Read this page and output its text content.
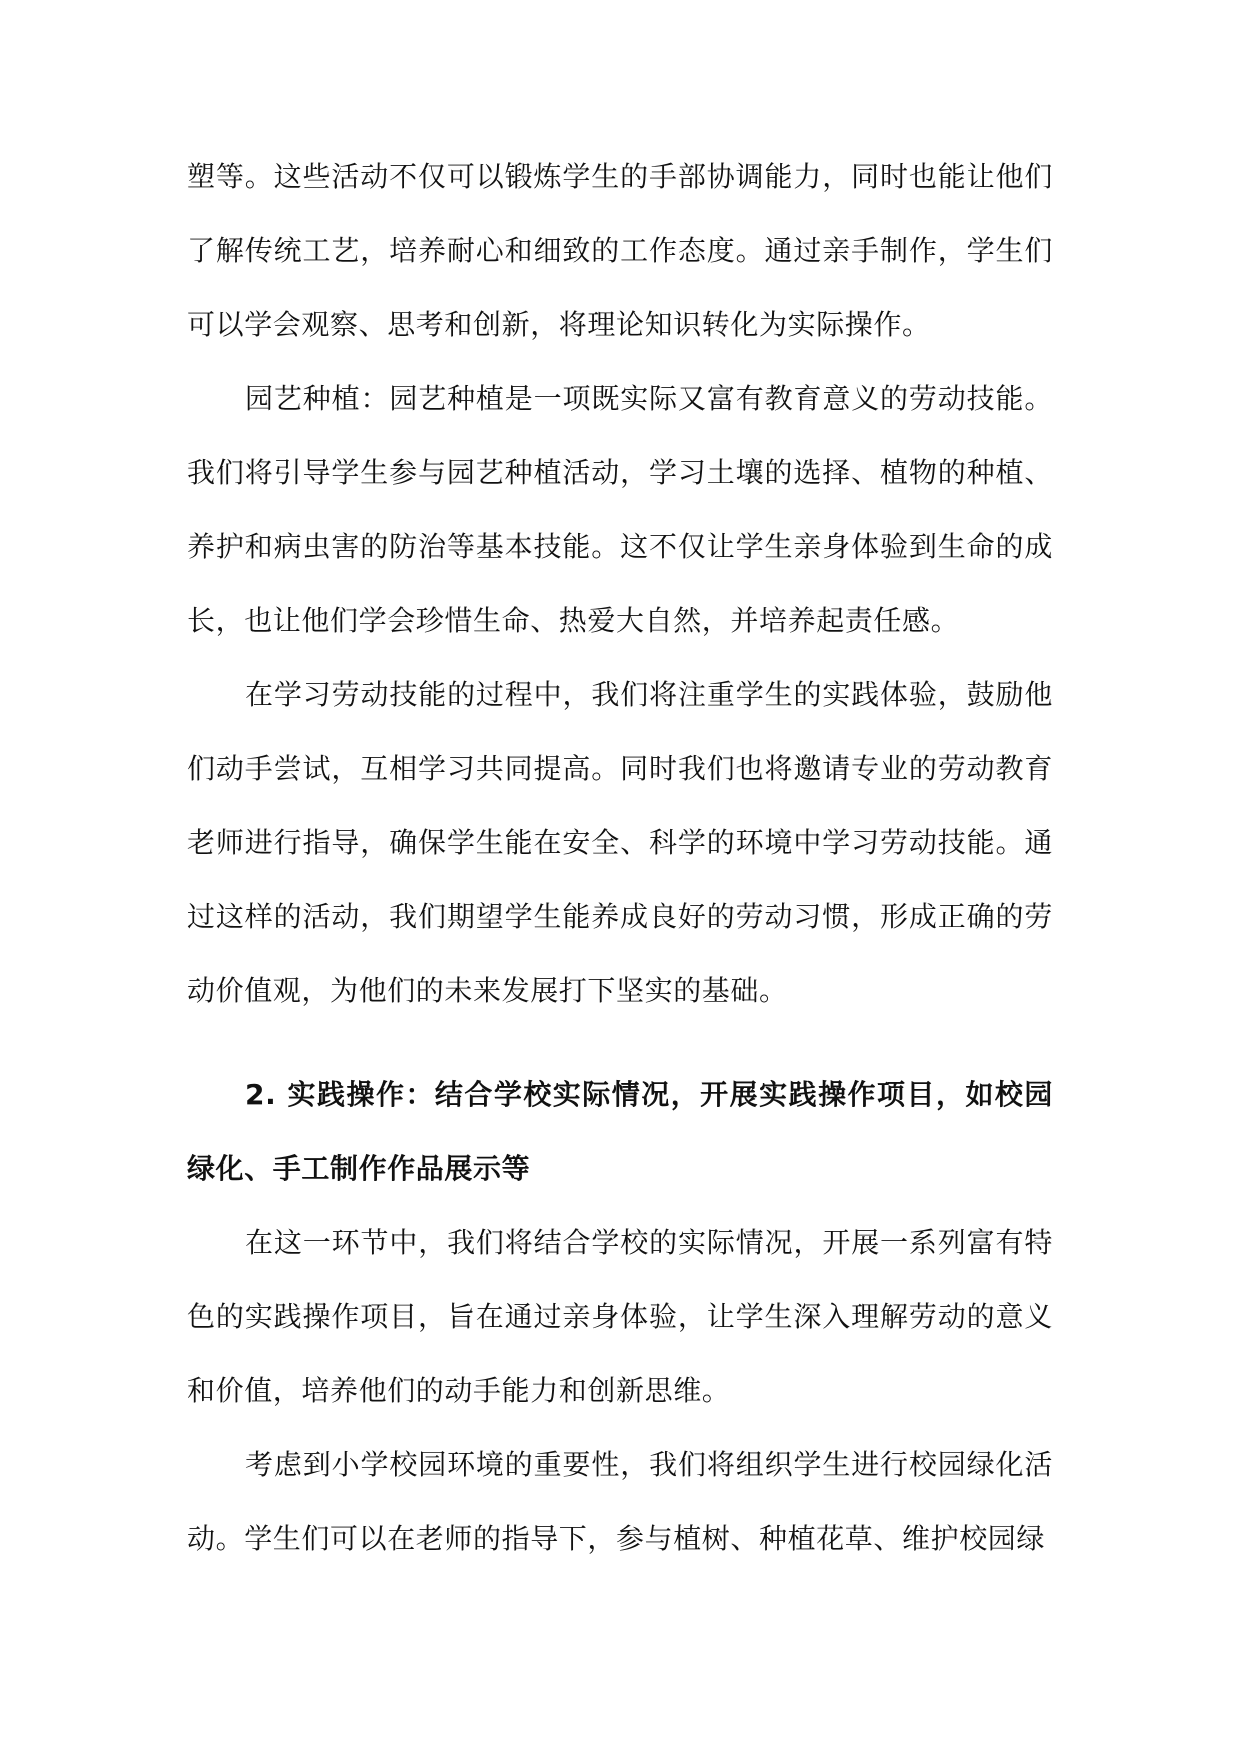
塑等。这些活动不仅可以锻炼学生的手部协调能力，同时也能让他们了解传统工艺，培养耐心和细致的工作态度。通过亲手制作，学生们可以学会观察、思考和创新，将理论知识转化为实际操作。

园艺种植：园艺种植是一项既实际又富有教育意义的劳动技能。我们将引导学生参与园艺种植活动，学习土壤的选择、植物的种植、养护和病虫害的防治等基本技能。这不仅让学生亲身体验到生命的成长，也让他们学会珍惜生命、热爱大自然，并培养起责任感。

在学习劳动技能的过程中，我们将注重学生的实践体验，鼓励他们动手尝试，互相学习共同提高。同时我们也将邀请专业的劳动教育老师进行指导，确保学生能在安全、科学的环境中学习劳动技能。通过这样的活动，我们期望学生能养成良好的劳动习惯，形成正确的劳动价值观，为他们的未来发展打下坚实的基础。

2. 实践操作：结合学校实际情况，开展实践操作项目，如校园绿化、手工制作作品展示等

在这一环节中，我们将结合学校的实际情况，开展一系列富有特色的实践操作项目，旨在通过亲身体验，让学生深入理解劳动的意义和价值，培养他们的动手能力和创新思维。

考虑到小学校园环境的重要性，我们将组织学生进行校园绿化活动。学生们可以在老师的指导下，参与植树、种植花草、维护校园绿
